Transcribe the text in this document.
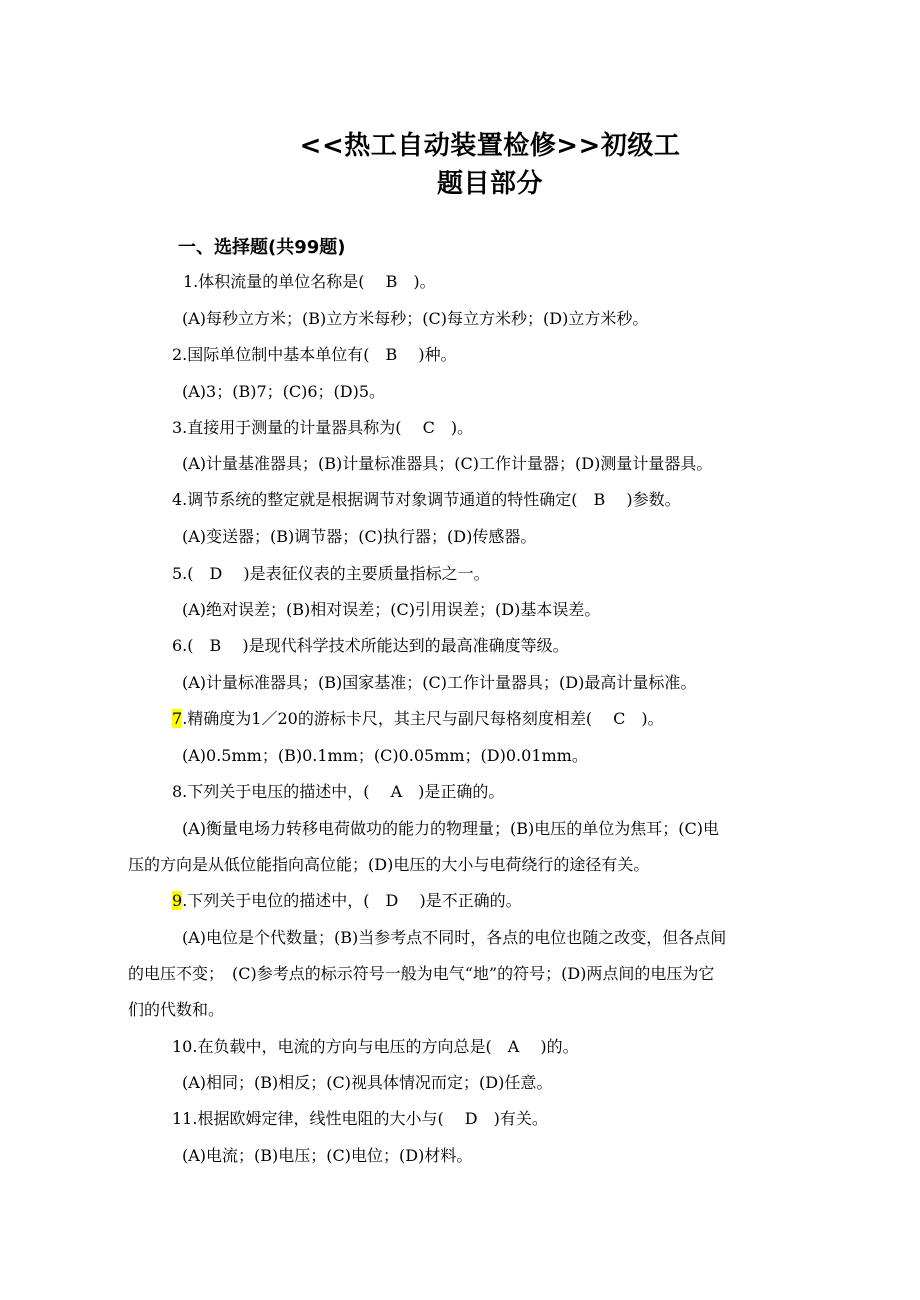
<<热工自动装置检修>>初级工
题目部分
一、选择题(共99题)
1.体积流量的单位名称是(　 B　)。
(A)每秒立方米；(B)立方米每秒；(C)每立方米秒；(D)立方米秒。
2.国际单位制中基本单位有(　B　 )种。
(A)3；(B)7；(C)6；(D)5。
3.直接用于测量的计量器具称为(　 C　)。
(A)计量基准器具；(B)计量标准器具；(C)工作计量器；(D)测量计量器具。
4.调节系统的整定就是根据调节对象调节通道的特性确定(　B　 )参数。
(A)变送器；(B)调节器；(C)执行器；(D)传感器。
5.(　D　 )是表征仪表的主要质量指标之一。
(A)绝对误差；(B)相对误差；(C)引用误差；(D)基本误差。
6.(　B　 )是现代科学技术所能达到的最高准确度等级。
(A)计量标准器具；(B)国家基准；(C)工作计量器具；(D)最高计量标准。
7.精确度为1／20的游标卡尺，其主尺与副尺每格刻度相差(　 C　)。
(A)0.5mm；(B)0.1mm；(C)0.05mm；(D)0.01mm。
8.下列关于电压的描述中，(　 A　)是正确的。
(A)衡量电场力转移电荷做功的能力的物理量；(B)电压的单位为焦耳；(C)电
压的方向是从低位能指向高位能；(D)电压的大小与电荷绕行的途径有关。
9.下列关于电位的描述中，(　D　 )是不正确的。
(A)电位是个代数量；(B)当参考点不同时，各点的电位也随之改变，但各点间
的电压不变；　(C)参考点的标示符号一般为电气“地”的符号；(D)两点间的电压为它
们的代数和。
10.在负载中，电流的方向与电压的方向总是(　A　 )的。
(A)相同；(B)相反；(C)视具体情况而定；(D)任意。
11.根据欧姆定律，线性电阻的大小与(　 D　)有关。
(A)电流；(B)电压；(C)电位；(D)材料。
